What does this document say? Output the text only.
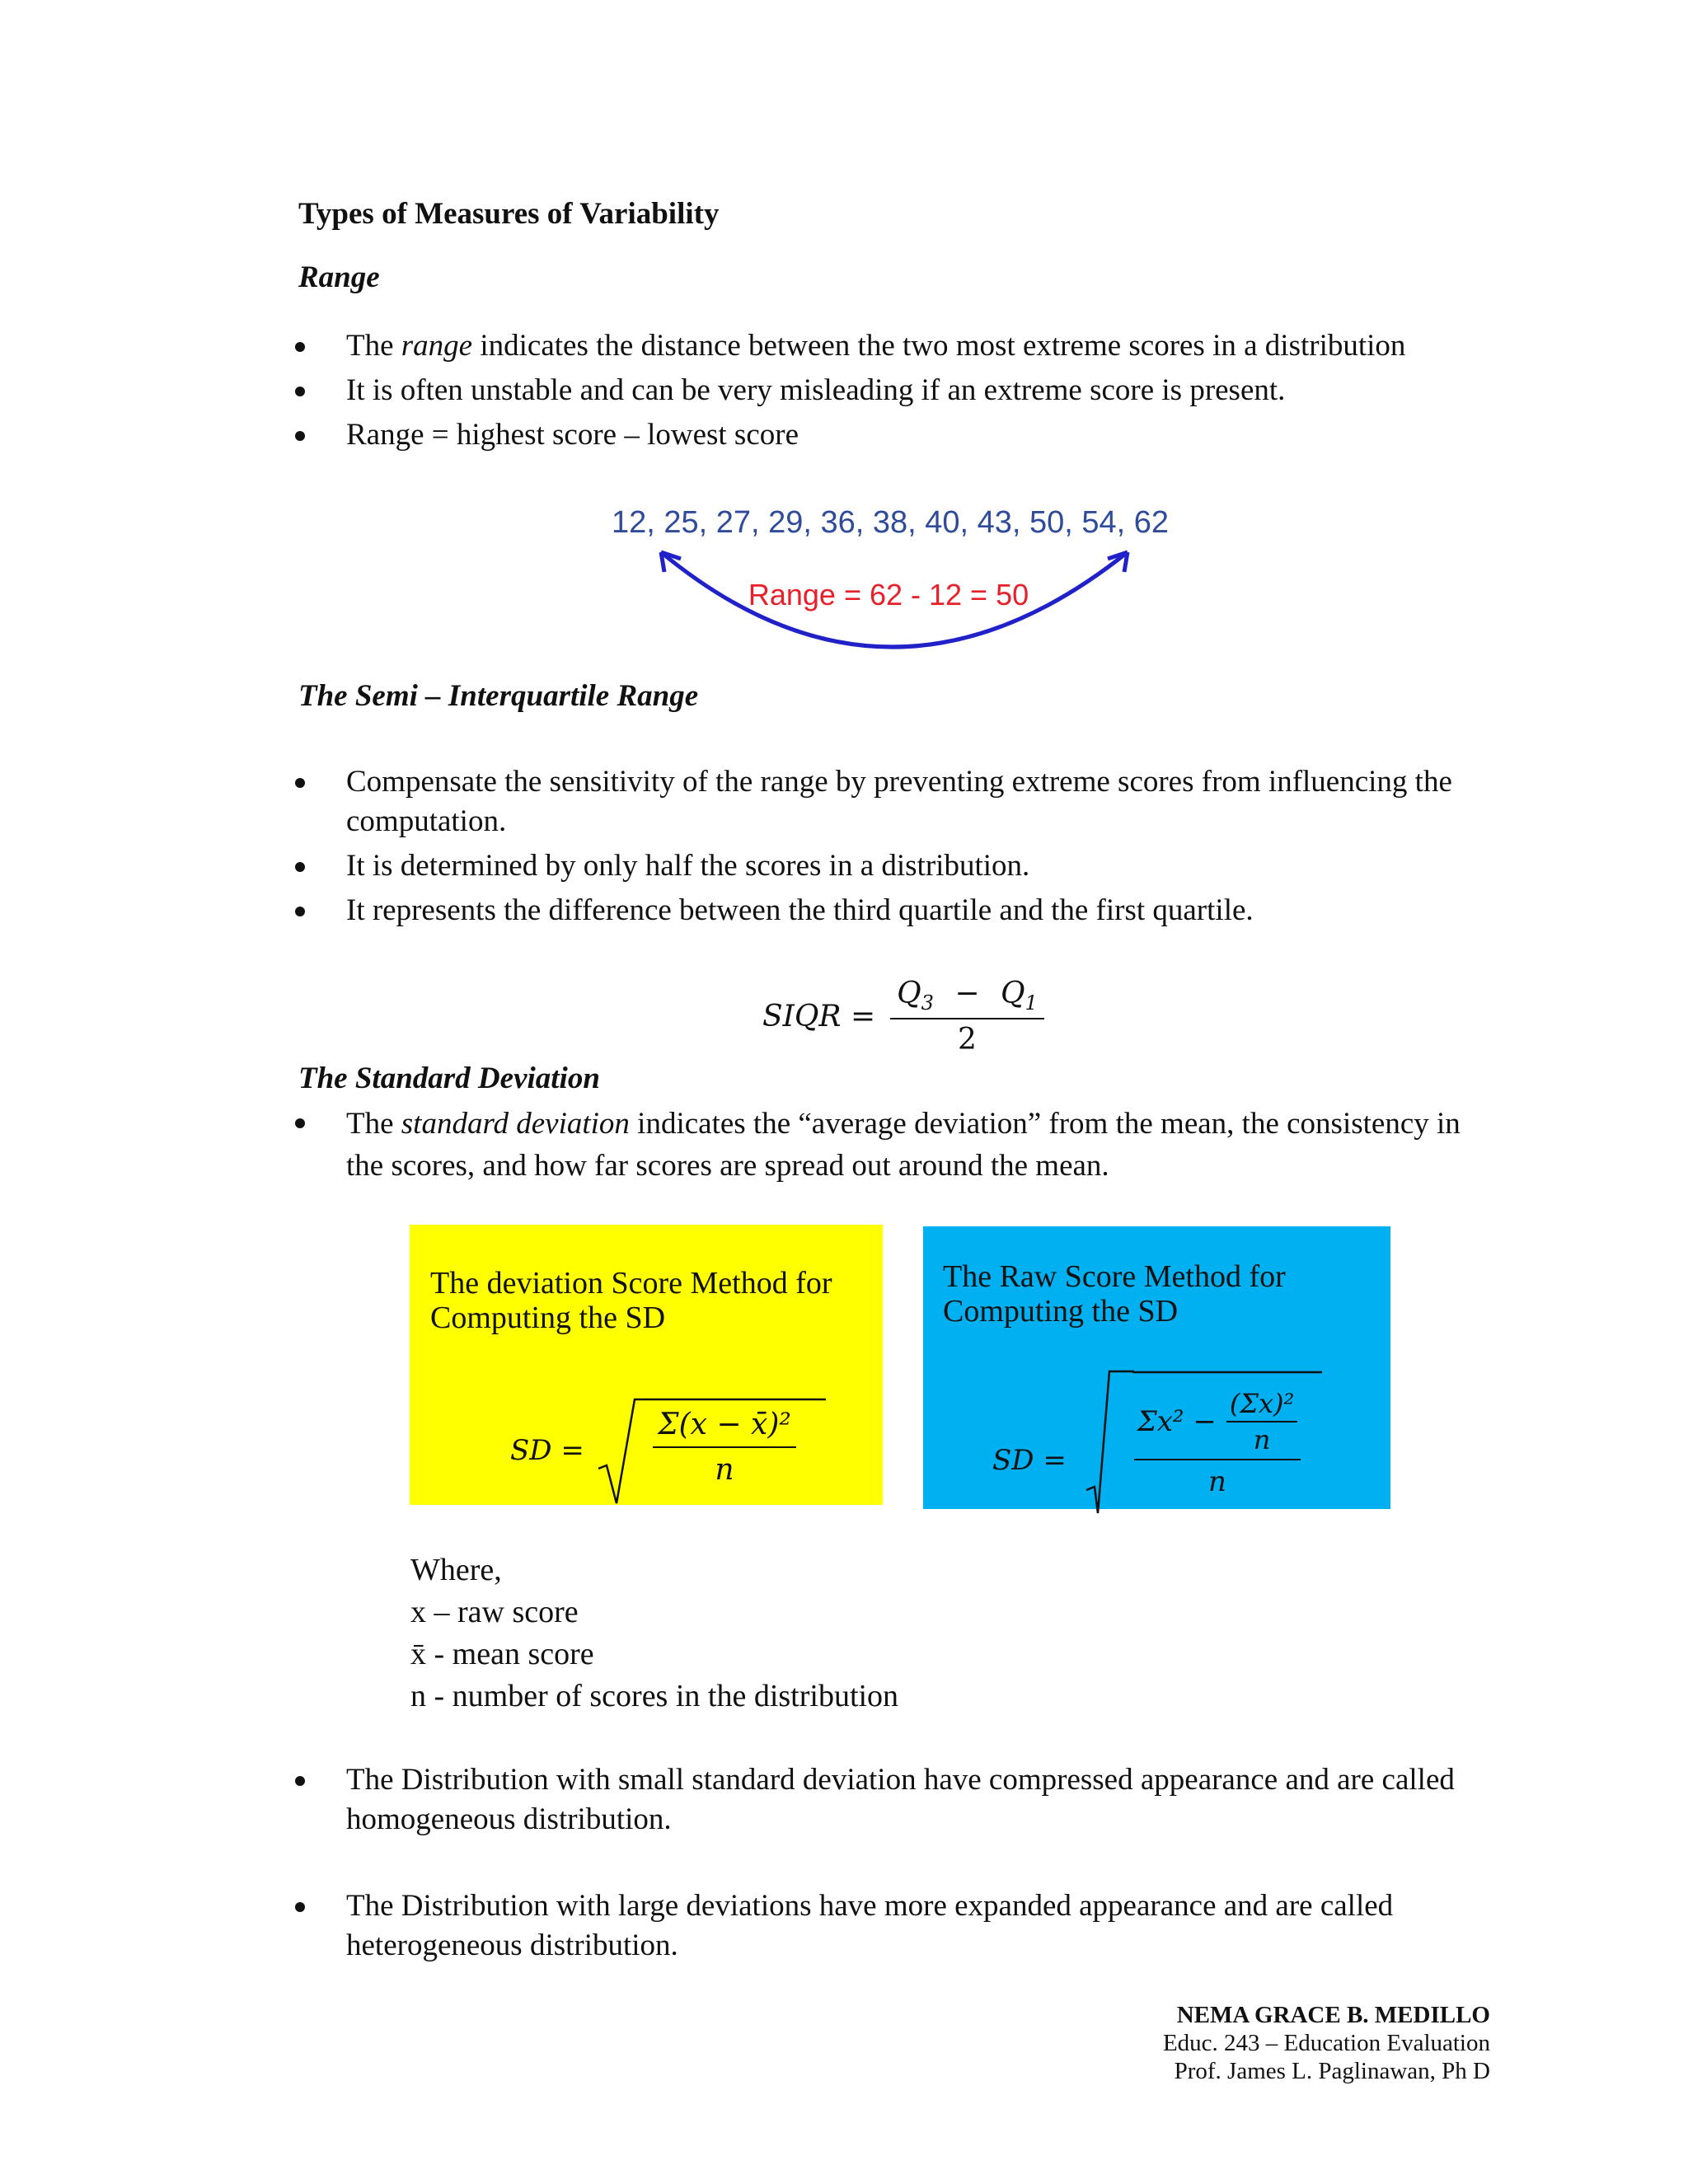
Types of Measures of Variability
Range
The range indicates the distance between the two most extreme scores in a distribution
It is often unstable and can be very misleading if an extreme score is present.
Range = highest score – lowest score
12, 25, 27, 29, 36, 38, 40, 43, 50, 54, 62
Range = 62 - 12 = 50
The Semi – Interquartile Range
Compensate the sensitivity of the range by preventing extreme scores from influencing the computation.
It is determined by only half the scores in a distribution.
It represents the difference between the third quartile and the first quartile.
SIQR = $\frac{Q_3 - Q_1}{2}$
The Standard Deviation
The standard deviation indicates the “average deviation” from the mean, the consistency in the scores, and how far scores are spread out around the mean.
The deviation Score Method for Computing the SD
SD = $\frac{\text{Σ(x − x̄)²}}{n}$
The Raw Score Method for Computing the SD
SD = $\frac{\Sigma x^2 - \frac{\text{(Σx)²}}{n}}{n}$
Where,
x – raw score
x̄ - mean score
n - number of scores in the distribution
The Distribution with small standard deviation have compressed appearance and are called homogeneous distribution.
The Distribution with large deviations have more expanded appearance and are called heterogeneous distribution.
NEMA GRACE B. MEDILLO
Educ. 243 – Education Evaluation
Prof. James L. Paglinawan, Ph D
